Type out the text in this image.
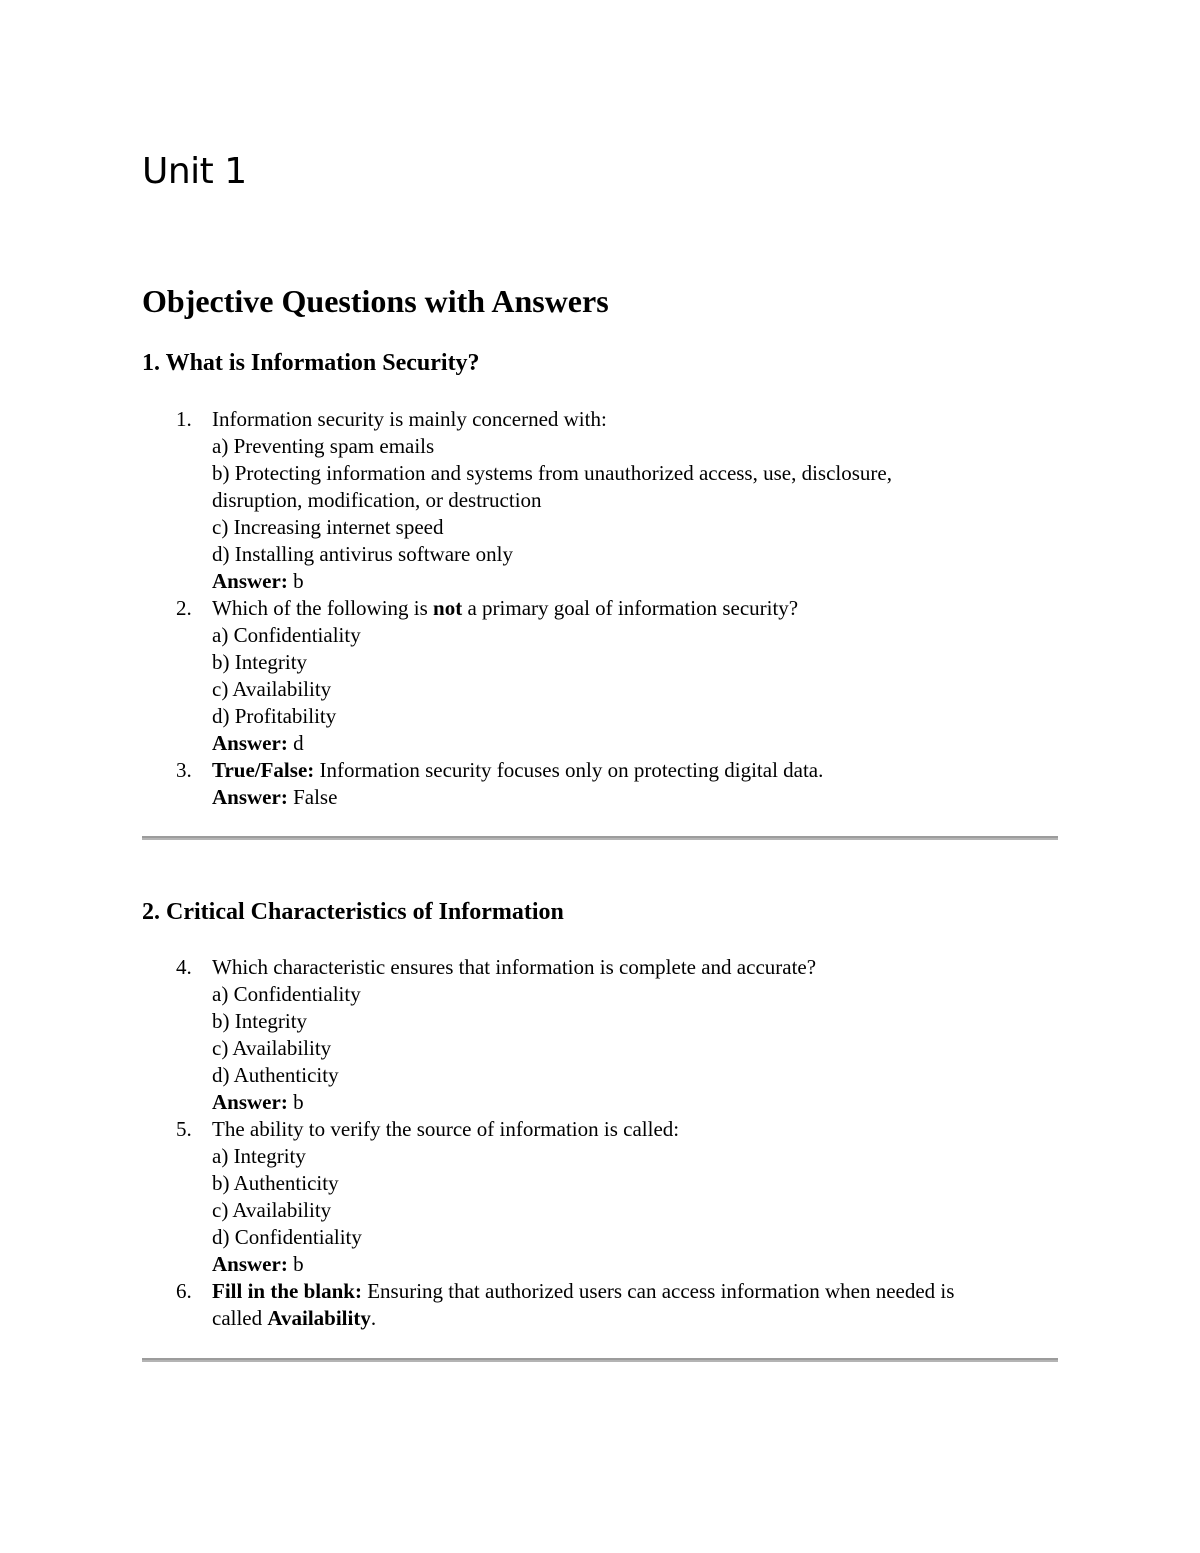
Unit 1
Objective Questions with Answers
1. What is Information Security?
1. Information security is mainly concerned with:
a) Preventing spam emails
b) Protecting information and systems from unauthorized access, use, disclosure,
disruption, modification, or destruction
c) Increasing internet speed
d) Installing antivirus software only
Answer: b
2. Which of the following is not a primary goal of information security?
a) Confidentiality
b) Integrity
c) Availability
d) Profitability
Answer: d
3. True/False: Information security focuses only on protecting digital data.
Answer: False
2. Critical Characteristics of Information
4. Which characteristic ensures that information is complete and accurate?
a) Confidentiality
b) Integrity
c) Availability
d) Authenticity
Answer: b
5. The ability to verify the source of information is called:
a) Integrity
b) Authenticity
c) Availability
d) Confidentiality
Answer: b
6. Fill in the blank: Ensuring that authorized users can access information when needed is
called Availability.
